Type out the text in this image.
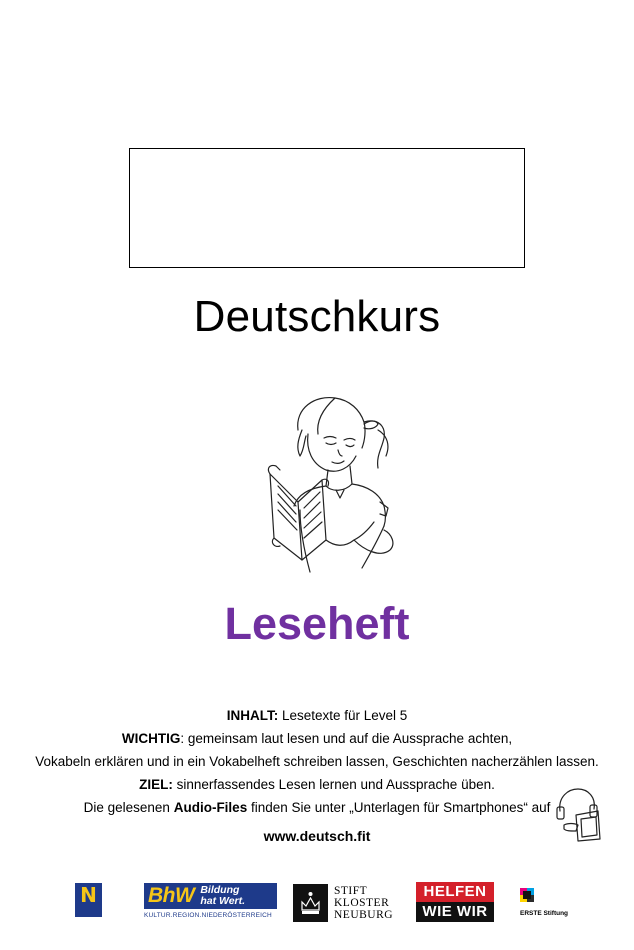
Deutschkurs
Leseheft
INHALT: Lesetexte für Level 5
WICHTIG: gemeinsam laut lesen und auf die Aussprache achten,
Vokabeln erklären und in ein Vokabelheft schreiben lassen, Geschichten nacherzählen lassen.
ZIEL: sinnerfassendes Lesen lernen und Aussprache üben.
Die gelesenen Audio-Files finden Sie unter „Unterlagen für Smartphones“ auf
www.deutsch.fit
N BhW Bildung
hat Wert.
KULTUR.REGION.NIEDERÖSTERREICH
STIFT
KLOSTER
NEUBURG
HELFEN
WIE WIR	ERSTE Stiftung
